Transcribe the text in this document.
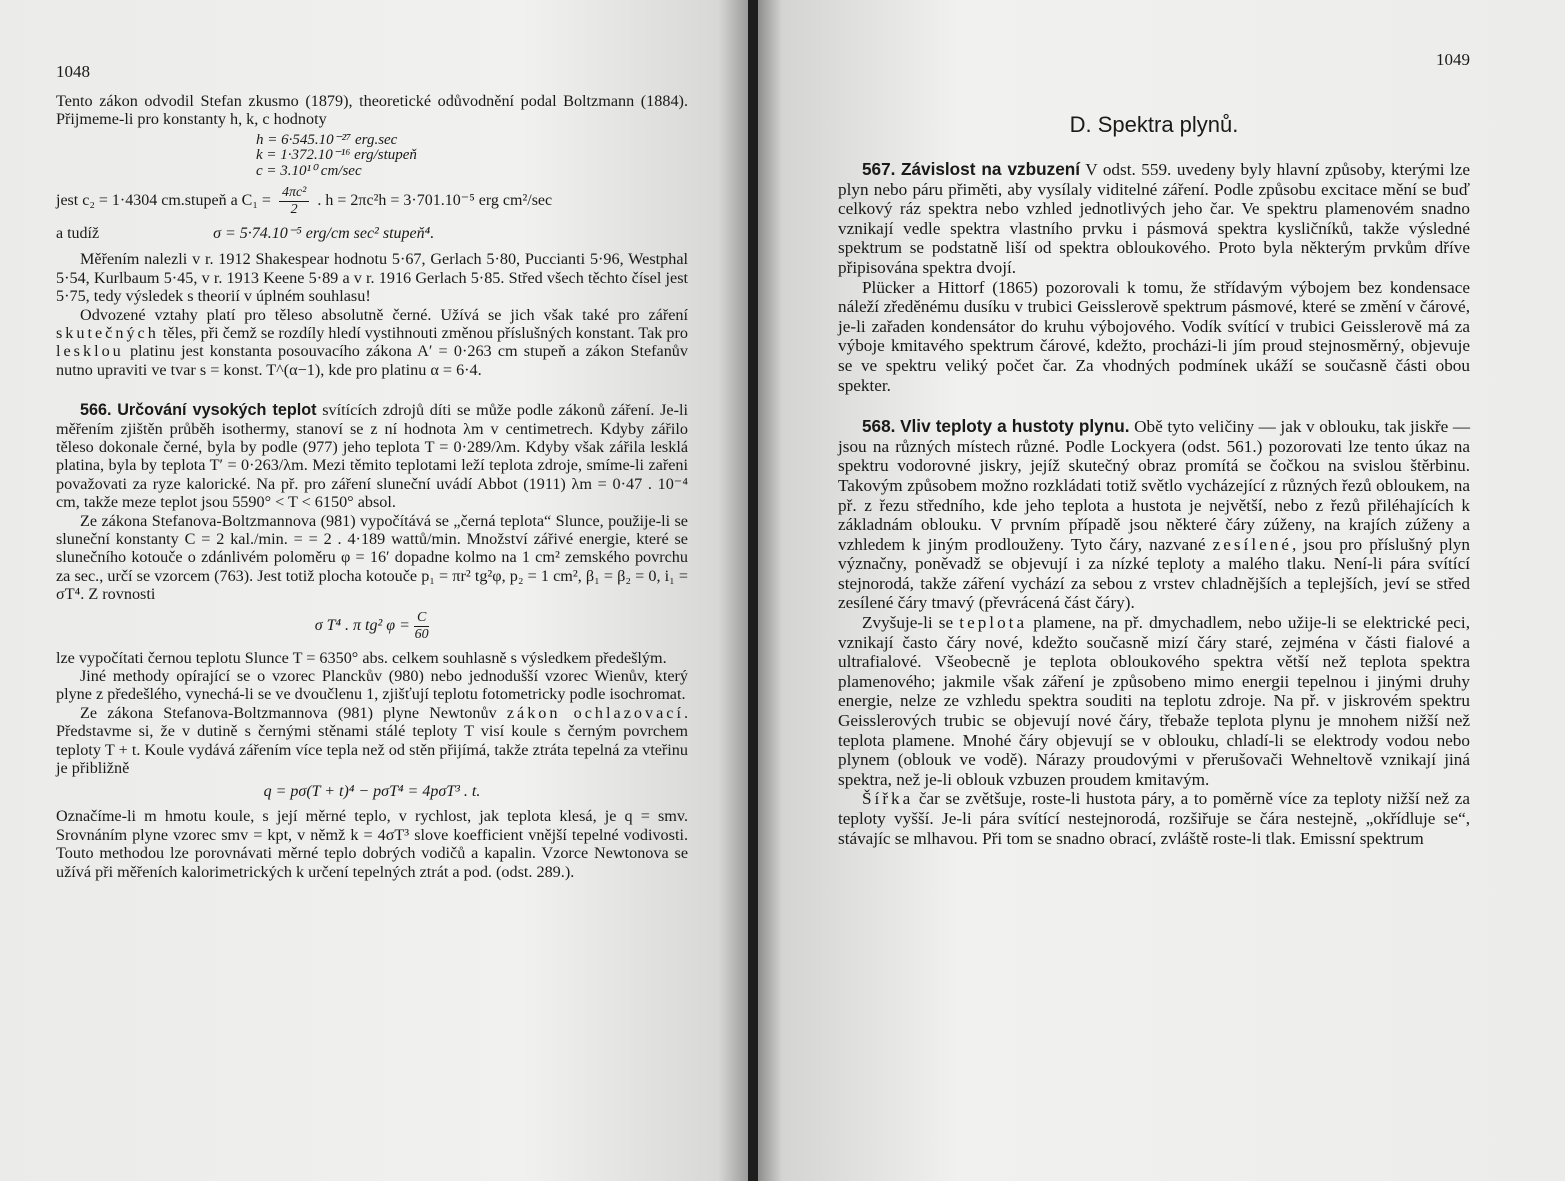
1048

Tento zákon odvodil Stefan zkusmo (1879), theoretické odůvodnění podal Boltzmann (1884). Přijmeme-li pro konstanty h, k, c hodnoty

h = 6·545.10⁻²⁷ erg.sec
k = 1·372.10⁻¹⁶ erg/stupeň
c = 3.10¹⁰ cm/sec
jest c₂ = 1·4304 cm.stupeň a $C_1 = \frac{\text{4πc²}}{2}$ . h = 2πc²h = 3·701.10⁻⁵ erg cm²/sec
a tudíž	σ = 5·74.10⁻⁵ erg/cm sec² stupeň⁴.

Měřením nalezli v r. 1912 Shakespear hodnotu 5·67, Gerlach 5·80, Puccianti 5·96, Westphal 5·54, Kurlbaum 5·45, v r. 1913 Keene 5·89 a v r. 1916 Gerlach 5·85. Střed všech těchto čísel jest 5·75, tedy výsledek s theorií v úplném souhlasu!

Odvozené vztahy platí pro těleso absolutně černé. Užívá se jich však také pro záření skutečných těles, při čemž se rozdíly hledí vystihnouti změnou příslušných konstant. Tak pro lesklou platinu jest konstanta posouvacího zákona A′ = 0·263 cm stupeň a zákon Stefanův nutno upraviti ve tvar s = konst. T^(α−1), kde pro platinu α = 6·4.

566. Určování vysokých teplot svítících zdrojů díti se může podle zákonů záření. Je-li měřením zjištěn průběh isothermy, stanoví se z ní hodnota λm v centimetrech. Kdyby zářilo těleso dokonale černé, byla by podle (977) jeho teplota T = 0·289/λm. Kdyby však zářila lesklá platina, byla by teplota T′ = 0·263/λm. Mezi těmito teplotami leží teplota zdroje, smíme-li zařeni považovati za ryze kalorické. Na př. pro záření sluneční uvádí Abbot (1911) λm = 0·47 . 10⁻⁴ cm, takže meze teplot jsou 5590° < T < 6150° absol.

Ze zákona Stefanova-Boltzmannova (981) vypočítává se „černá teplota“ Slunce, použije-li se sluneční konstanty C = 2 kal./min. = = 2 . 4·189 wattů/min. Množství zářivé energie, které se slunečního kotouče o zdánlivém poloměru φ = 16′ dopadne kolmo na 1 cm² zemského povrchu za sec., určí se vzorcem (763). Jest totiž plocha kotouče p₁ = πr² tg²φ, p₂ = 1 cm², β₁ = β₂ = 0, i₁ = σT⁴. Z rovnosti

σ T⁴ . π tg² $\varphi = \frac{C}{60}$

lze vypočítati černou teplotu Slunce T = 6350° abs. celkem souhlasně s výsledkem předešlým.

Jiné methody opírající se o vzorec Planckův (980) nebo jednodušší vzorec Wienův, který plyne z předešlého, vynechá-li se ve dvoučlenu 1, zjišťují teplotu fotometricky podle isochromat.

Ze zákona Stefanova-Boltzmannova (981) plyne Newtonův zákon ochlazovací. Představme si, že v dutině s černými stěnami stálé teploty T visí koule s černým povrchem teploty T + t. Koule vydává zářením více tepla než od stěn přijímá, takže ztráta tepelná za vteřinu je přibližně

q = pσ(T + t)⁴ − pσT⁴ = 4pσT³ . t.

Označíme-li m hmotu koule, s její měrné teplo, v rychlost, jak teplota klesá, je q = smv. Srovnáním plyne vzorec smv = kpt, v němž k = 4σT³ slove koefficient vnější tepelné vodivosti. Touto methodou lze porovnávati měrné teplo dobrých vodičů a kapalin. Vzorce Newtonova se užívá při měřeních kalorimetrických k určení tepelných ztrát a pod. (odst. 289.).

1049
D. Spektra plynů.

567. Závislost na vzbuzení V odst. 559. uvedeny byly hlavní způsoby, kterými lze plyn nebo páru přiměti, aby vysílaly viditelné záření. Podle způsobu excitace mění se buď celkový ráz spektra nebo vzhled jednotlivých jeho čar. Ve spektru plamenovém snadno vznikají vedle spektra vlastního prvku i pásmová spektra kysličníků, takže výsledné spektrum se podstatně liší od spektra obloukového. Proto byla některým prvkům dříve připisována spektra dvojí.

Plücker a Hittorf (1865) pozorovali k tomu, že střídavým výbojem bez kondensace náleží zředěnému dusíku v trubici Geisslerově spektrum pásmové, které se změní v čárové, je-li zařaden kondensátor do kruhu výbojového. Vodík svítící v trubici Geisslerově má za výboje kmitavého spektrum čárové, kdežto, procházi-li jím proud stejnosměrný, objevuje se ve spektru veliký počet čar. Za vhodných podmínek ukáží se současně části obou spekter.

568. Vliv teploty a hustoty plynu. Obě tyto veličiny — jak v oblouku, tak jiskře — jsou na různých místech různé. Podle Lockyera (odst. 561.) pozorovati lze tento úkaz na spektru vodorovné jiskry, jejíž skutečný obraz promítá se čočkou na svislou štěrbinu. Takovým způsobem možno rozkládati totiž světlo vycházející z různých řezů obloukem, na př. z řezu středního, kde jeho teplota a hustota je největší, nebo z řezů přiléhajících k základnám oblouku. V prvním případě jsou některé čáry zúženy, na krajích zúženy a vzhledem k jiným prodlouženy. Tyto čáry, nazvané zesílené, jsou pro příslušný plyn význačny, poněvadž se objevují i za nízké teploty a malého tlaku. Není-li pára svítící stejnorodá, takže záření vychází za sebou z vrstev chladnějších a teplejších, jeví se střed zesílené čáry tmavý (převrácená část čáry).

Zvyšuje-li se teplota plamene, na př. dmychadlem, nebo užije-li se elektrické peci, vznikají často čáry nové, kdežto současně mizí čáry staré, zejména v části fialové a ultrafialové. Všeobecně je teplota obloukového spektra větší než teplota spektra plamenového; jakmile však záření je způsobeno mimo energii tepelnou i jinými druhy energie, nelze ze vzhledu spektra souditi na teplotu zdroje. Na př. v jiskrovém spektru Geisslerových trubic se objevují nové čáry, třebaže teplota plynu je mnohem nižší než teplota plamene. Mnohé čáry objevují se v oblouku, chladí-li se elektrody vodou nebo plynem (oblouk ve vodě). Nárazy proudovými v přerušovači Wehneltově vznikají jiná spektra, než je-li oblouk vzbuzen proudem kmitavým.

Šířka čar se zvětšuje, roste-li hustota páry, a to poměrně více za teploty nižší než za teploty vyšší. Je-li pára svítící nestejnorodá, rozšiřuje se čára nestejně, „okřídluje se“, stávajíc se mlhavou. Při tom se snadno obrací, zvláště roste-li tlak. Emissní spektrum
